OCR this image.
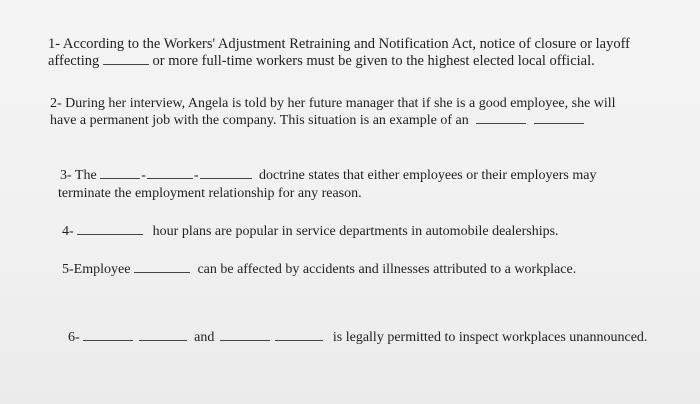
1- According to the Workers' Adjustment Retraining and Notification Act, notice of closure or layoff
affecting	or more full-time workers must be given to the highest elected local official.
2- During her interview, Angela is told by her future manager that if she is a good employee, she will
have a permanent job with the company. This situation is an example of an
3- The	-	-	doctrine states that either employees or their employers may
terminate the employment relationship for any reason.
4-	hour plans are popular in service departments in automobile dealerships.
5-Employee	can be affected by accidents and illnesses attributed to a workplace.
6-	and	is legally permitted to inspect workplaces unannounced.
